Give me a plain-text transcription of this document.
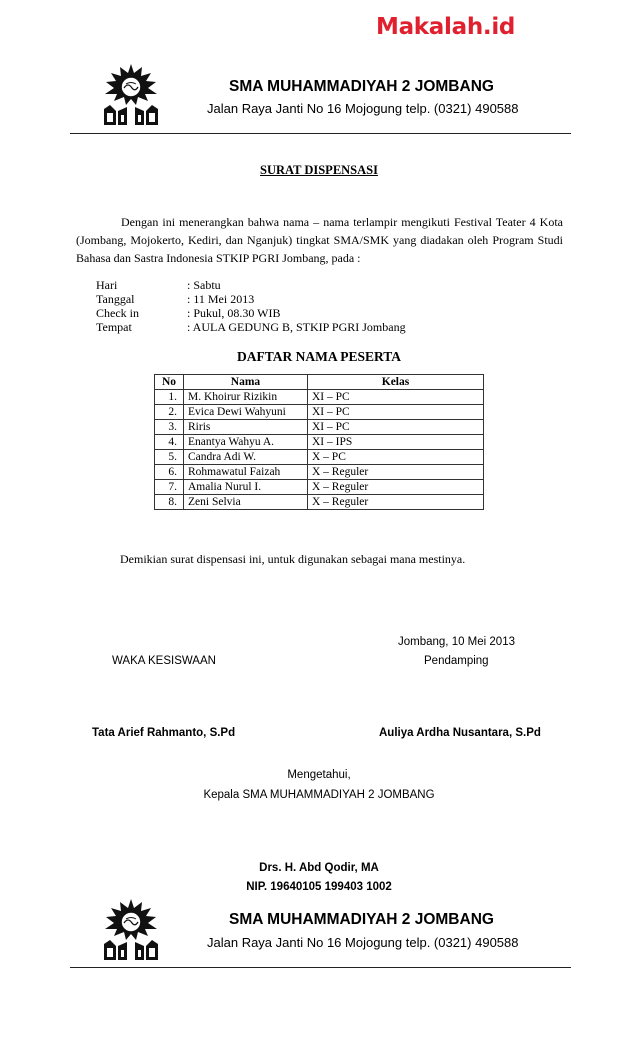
Makalah.id
SMA MUHAMMADIYAH 2 JOMBANG
Jalan Raya Janti No 16 Mojogung telp. (0321) 490588
SURAT DISPENSASI
Dengan ini menerangkan bahwa nama – nama terlampir mengikuti Festival Teater 4 Kota (Jombang, Mojokerto, Kediri, dan Nganjuk) tingkat SMA/SMK yang diadakan oleh Program Studi Bahasa dan Sastra Indonesia STKIP PGRI Jombang, pada :
Hari	: Sabtu
Tanggal	: 11 Mei 2013
Check in	: Pukul, 08.30 WIB
Tempat	: AULA GEDUNG B, STKIP PGRI Jombang
DAFTAR NAMA PESERTA
No	Nama	Kelas
1.	M. Khoirur Rizikin	XI – PC
2.	Evica Dewi Wahyuni	XI – PC
3.	Riris	XI – PC
4.	Enantya Wahyu A.	XI – IPS
5.	Candra Adi W.	X – PC
6.	Rohmawatul Faizah	X – Reguler
7.	Amalia Nurul I.	X – Reguler
8.	Zeni Selvia	X – Reguler
Demikian surat dispensasi ini, untuk digunakan sebagai mana mestinya.
Jombang, 10 Mei 2013
WAKA KESISWAAN	Pendamping
Tata Arief Rahmanto, S.Pd	Auliya Ardha Nusantara, S.Pd
Mengetahui,
Kepala SMA MUHAMMADIYAH 2 JOMBANG
Drs. H. Abd Qodir, MA
NIP. 19640105 199403 1002
SMA MUHAMMADIYAH 2 JOMBANG
Jalan Raya Janti No 16 Mojogung telp. (0321) 490588
